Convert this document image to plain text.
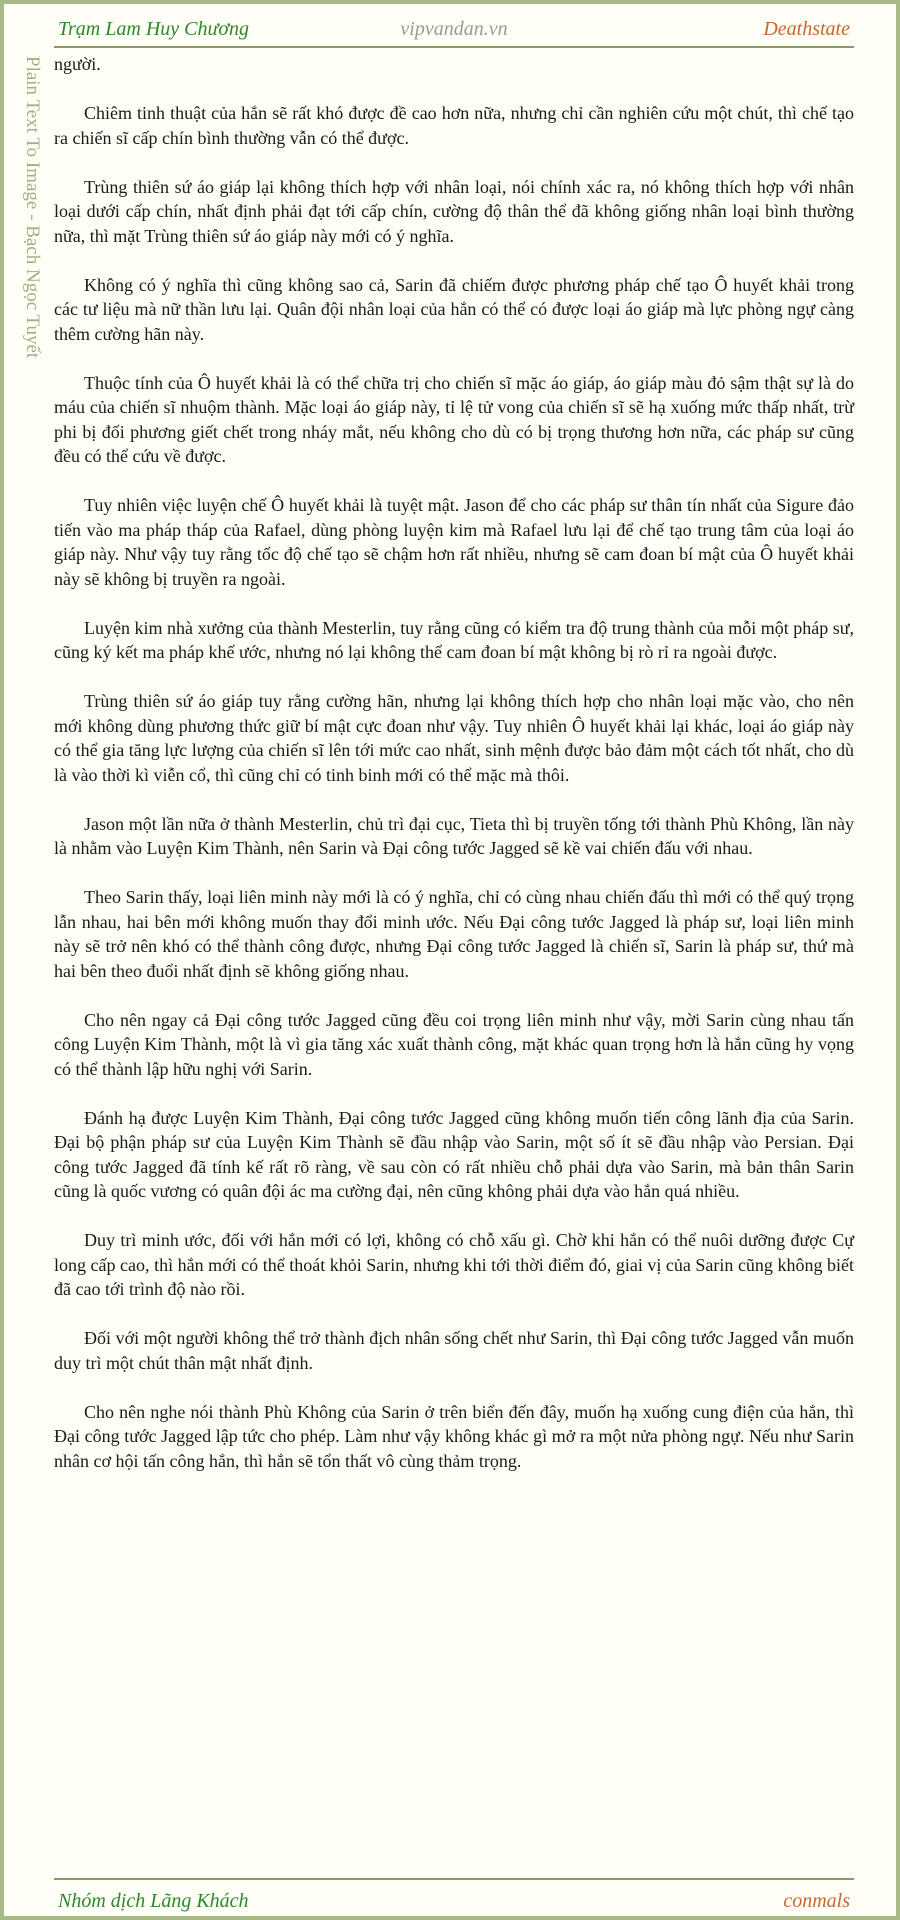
Trạm Lam Huy Chương	vipvandan.vn	Deathstate
Plain Text To Image - Bạch Ngọc Tuyết người.

Chiêm tinh thuật của hắn sẽ rất khó được đề cao hơn nữa, nhưng chỉ cần nghiên cứu một chút, thì chế tạo ra chiến sĩ cấp chín bình thường vẫn có thể được.

Trùng thiên sứ áo giáp lại không thích hợp với nhân loại, nói chính xác ra, nó không thích hợp với nhân loại dưới cấp chín, nhất định phải đạt tới cấp chín, cường độ thân thể đã không giống nhân loại bình thường nữa, thì mặt Trùng thiên sứ áo giáp này mới có ý nghĩa.

Không có ý nghĩa thì cũng không sao cả, Sarin đã chiếm được phương pháp chế tạo Ô huyết khải trong các tư liệu mà nữ thần lưu lại. Quân đội nhân loại của hắn có thể có được loại áo giáp mà lực phòng ngự càng thêm cường hãn này.

Thuộc tính của Ô huyết khải là có thể chữa trị cho chiến sĩ mặc áo giáp, áo giáp màu đỏ sậm thật sự là do máu của chiến sĩ nhuộm thành. Mặc loại áo giáp này, tỉ lệ tử vong của chiến sĩ sẽ hạ xuống mức thấp nhất, trừ phi bị đối phương giết chết trong nháy mắt, nếu không cho dù có bị trọng thương hơn nữa, các pháp sư cũng đều có thể cứu về được.

Tuy nhiên việc luyện chế Ô huyết khải là tuyệt mật. Jason để cho các pháp sư thân tín nhất của Sigure đảo tiến vào ma pháp tháp của Rafael, dùng phòng luyện kim mà Rafael lưu lại để chế tạo trung tâm của loại áo giáp này. Như vậy tuy rằng tốc độ chế tạo sẽ chậm hơn rất nhiều, nhưng sẽ cam đoan bí mật của Ô huyết khải này sẽ không bị truyền ra ngoài.

Luyện kim nhà xưởng của thành Mesterlin, tuy rằng cũng có kiểm tra độ trung thành của mỗi một pháp sư, cũng ký kết ma pháp khế ước, nhưng nó lại không thể cam đoan bí mật không bị rò rỉ ra ngoài được.

Trùng thiên sứ áo giáp tuy rằng cường hãn, nhưng lại không thích hợp cho nhân loại mặc vào, cho nên mới không dùng phương thức giữ bí mật cực đoan như vậy. Tuy nhiên Ô huyết khải lại khác, loại áo giáp này có thể gia tăng lực lượng của chiến sĩ lên tới mức cao nhất, sinh mệnh được bảo đảm một cách tốt nhất, cho dù là vào thời kì viễn cổ, thì cũng chỉ có tinh binh mới có thể mặc mà thôi.

Jason một lần nữa ở thành Mesterlin, chủ trì đại cục, Tieta thì bị truyền tống tới thành Phù Không, lần này là nhằm vào Luyện Kim Thành, nên Sarin và Đại công tước Jagged sẽ kề vai chiến đấu với nhau.

Theo Sarin thấy, loại liên minh này mới là có ý nghĩa, chỉ có cùng nhau chiến đấu thì mới có thể quý trọng lẫn nhau, hai bên mới không muốn thay đổi minh ước. Nếu Đại công tước Jagged là pháp sư, loại liên minh này sẽ trở nên khó có thể thành công được, nhưng Đại công tước Jagged là chiến sĩ, Sarin là pháp sư, thứ mà hai bên theo đuổi nhất định sẽ không giống nhau.

Cho nên ngay cả Đại công tước Jagged cũng đều coi trọng liên minh như vậy, mời Sarin cùng nhau tấn công Luyện Kim Thành, một là vì gia tăng xác xuất thành công, mặt khác quan trọng hơn là hắn cũng hy vọng có thể thành lập hữu nghị với Sarin.

Đánh hạ được Luyện Kim Thành, Đại công tước Jagged cũng không muốn tiến công lãnh địa của Sarin. Đại bộ phận pháp sư của Luyện Kim Thành sẽ đầu nhập vào Sarin, một số ít sẽ đầu nhập vào Persian. Đại công tước Jagged đã tính kế rất rõ ràng, về sau còn có rất nhiều chỗ phải dựa vào Sarin, mà bản thân Sarin cũng là quốc vương có quân đội ác ma cường đại, nên cũng không phải dựa vào hắn quá nhiều.

Duy trì minh ước, đối với hắn mới có lợi, không có chỗ xấu gì. Chờ khi hắn có thể nuôi dưỡng được Cự long cấp cao, thì hắn mới có thể thoát khỏi Sarin, nhưng khi tới thời điểm đó, giai vị của Sarin cũng không biết đã cao tới trình độ nào rồi.

Đối với một người không thể trở thành địch nhân sống chết như Sarin, thì Đại công tước Jagged vẫn muốn duy trì một chút thân mật nhất định.

Cho nên nghe nói thành Phù Không của Sarin ở trên biển đến đây, muốn hạ xuống cung điện của hắn, thì Đại công tước Jagged lập tức cho phép. Làm như vậy không khác gì mở ra một nửa phòng ngự. Nếu như Sarin nhân cơ hội tấn công hắn, thì hắn sẽ tổn thất vô cùng thảm trọng.

Nhóm dịch Lãng Khách	conmals
